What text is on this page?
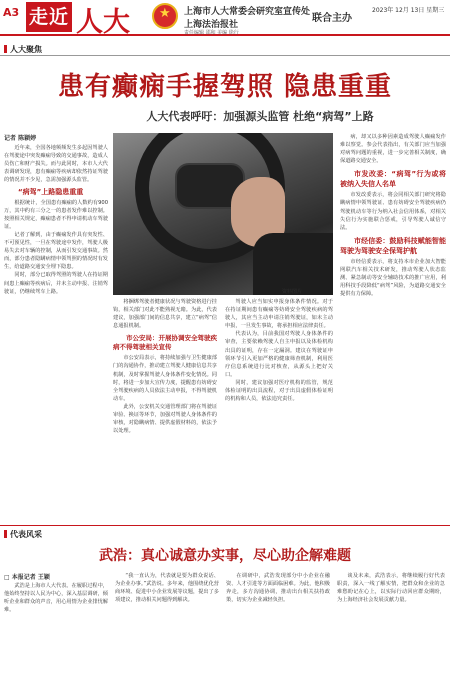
A3 走近 人大
★	上海市人大常委会研究室宣传处
上海法治报社
联合主办
2023年 12月 13日 星期三
责任编辑 邵和 美编 徐行
人大聚焦
患有癫痫手握驾照 隐患重重
人大代表呼吁：加强源头监管 杜绝“病驾”上路
记者 陈颖婷

近年来，全国各地频频发生多起因驾驶人在驾驶途中突发癫痫导致的交通事故，造成人员伤亡和财产损失。而与此同时，本市人大代表调研发现，患有癫痫等疾病却依然持证驾驶的情况并不少见，急需加强源头监管。

“病驾”上路隐患重重

根据统计，全国患有癫痫的人数约有900万，其中约有三分之一的患者发作难以控制。按照相关规定，癫痫患者不得申请机动车驾驶证。

记者了解到，由于癫痫发作具有突发性、不可预见性，一旦在驾驶途中发作，驾驶人极易失去对车辆的控制，从而引发交通事故。然而，部分患者隐瞒病情申领驾照的情况时有发生，给道路交通安全埋下隐患。

同时，部分已取得驾照的驾驶人在持证期间患上癫痫等疾病后，并未主动申报、注销驾驶证，仍继续驾车上路。	资料图片

将捆绑驾驶者健康状况与驾驶资格进行挂钩，相关部门对此不能熟视无睹。为此，代表建议，加强部门间的信息共享，建立“病驾”信息通报机制。

市公安局：开展协调安全驾驶疾病不得驾驶相关宣传

市公安局表示，将持续加强与卫生健康部门的沟通协作，推动建立驾驶人健康信息共享机制，及时掌握驾驶人身体条件变化情况。同时，将进一步加大宣传力度，提醒患有妨碍安全驾驶疾病的人员依法主动申报，不得驾驶机动车。

此外，公安机关交通管理部门将在驾驶证审验、换证等环节，加强对驾驶人身体条件的审核，对隐瞒病情、提供虚假材料的，依法予以处理。

驾驶人应当如实申报身体条件情况。对于在持证期间患有癫痫等妨碍安全驾驶疾病的驾驶人，其应当主动申请注销驾驶证，如未主动申报，一旦发生事故，将承担相应法律责任。

代表认为，目前我国对驾驶人身体条件的审查，主要依赖驾驶人自主申报以及体检机构出具的证明，存在一定漏洞。建议在驾驶证申领环节引入更加严格的健康筛查机制，利用医疗信息系统进行比对核查，从源头上把好关口。

同时，建议加强对医疗机构的监管，规范体检证明的出具流程，对于出具虚假体检证明的机构和人员，依法追究责任。

病，却又以多种因素造成驾驶人癫痫发作难以察觉。参会代表指出，有关部门应当加强对病驾问题的重视，进一步完善相关制度，确保道路交通安全。

市发改委：“病驾”行为或将被纳入失信人名单

市发改委表示，将会同相关部门研究将隐瞒病情申领驾驶证、患有妨碍安全驾驶疾病仍驾驶机动车等行为纳入社会信用体系，对相关失信行为实施联合惩戒，引导驾驶人诚信守法。

市经信委：鼓励科技赋能智能驾驶为驾驶安全保驾护航

市经信委表示，将支持本市企业加大智能网联汽车相关技术研发，推动驾驶人状态监测、紧急制动等安全辅助技术的推广应用，利用科技手段降低“病驾”风险，为道路交通安全提供有力保障。

代表风采
武浩：真心诚意办实事，尽心助企解难题
□ 本报记者 王颖

武浩是上海市人大代表。在履职过程中，他始终坚持以人民为中心，深入基层调研，倾听企业和群众的声音，用心用情为企业排忧解难。

“我一直认为，代表就是要为群众说话、为企业办事。”武浩说。多年来，他围绕优化营商环境、促进中小企业发展等议题，提出了多项建议，推动相关问题得到解决。

在调研中，武浩发现部分中小企业在融资、人才引进等方面面临困难。为此，他积极奔走，多方沟通协调，推动出台相关扶持政策，切实为企业减轻负担。

谈及未来，武浩表示，将继续履行好代表职责，深入一线了解实情，把群众和企业的急难愁盼记在心上，以实际行动回应群众期盼，为上海经济社会发展贡献力量。
